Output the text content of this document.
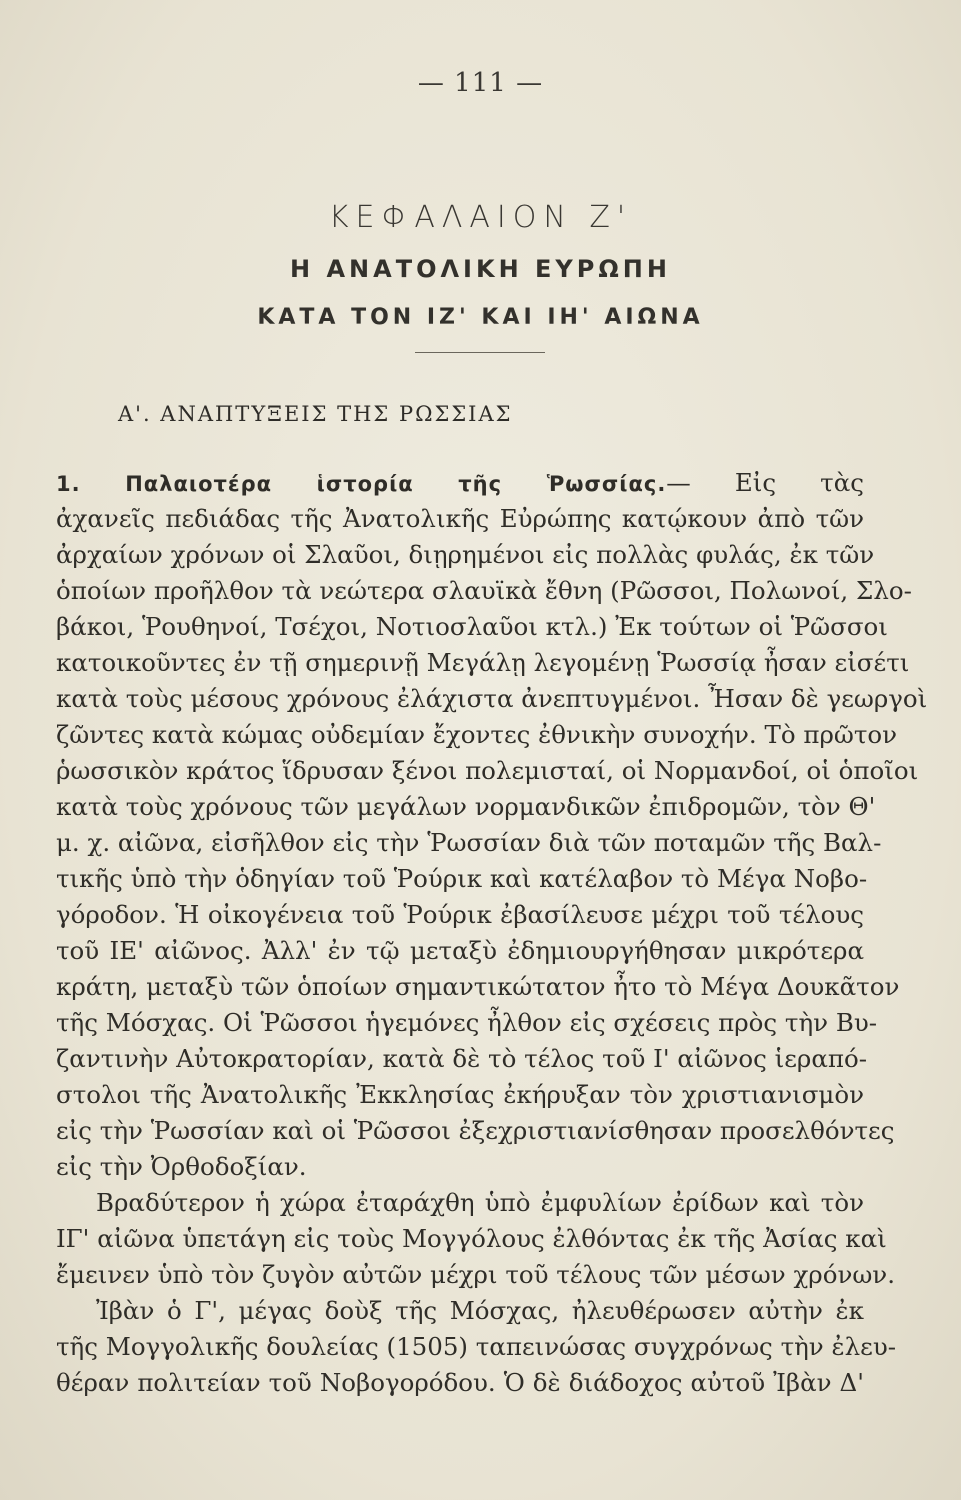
— 111 —
ΚΕΦΑΛΑΙΟΝ Ζ'
Η ΑΝΑΤΟΛΙΚΗ ΕΥΡΩΠΗ
ΚΑΤΑ ΤΟΝ ΙΖ' ΚΑΙ ΙΗ' ΑΙΩΝΑ
Α'. ΑΝΑΠΤΥΞΕΙΣ ΤΗΣ ΡΩΣΣΙΑΣ
1. Παλαιοτέρα ἱστορία τῆς Ῥωσσίας.— Εἰς τὰς
ἀχανεῖς πεδιάδας τῆς Ἀνατολικῆς Εὐρώπης κατῴκουν ἀπὸ τῶν
ἀρχαίων χρόνων οἱ Σλαῦοι, διῃρημένοι εἰς πολλὰς φυλάς, ἐκ τῶν
ὁποίων προῆλθον τὰ νεώτερα σλαυϊκὰ ἔθνη (Ρῶσσοι, Πολωνοί, Σλο-
βάκοι, Ῥουθηνοί, Τσέχοι, Νοτιοσλαῦοι κτλ.) Ἐκ τούτων οἱ Ῥῶσσοι
κατοικοῦντες ἐν τῇ σημερινῇ Μεγάλῃ λεγομένῃ Ῥωσσίᾳ ἦσαν εἰσέτι
κατὰ τοὺς μέσους χρόνους ἐλάχιστα ἀνεπτυγμένοι. Ἦσαν δὲ γεωργοὶ
ζῶντες κατὰ κώμας οὐδεμίαν ἔχοντες ἐθνικὴν συνοχήν. Τὸ πρῶτον
ῥωσσικὸν κράτος ἵδρυσαν ξένοι πολεμισταί, οἱ Νορμανδοί, οἱ ὁποῖοι
κατὰ τοὺς χρόνους τῶν μεγάλων νορμανδικῶν ἐπιδρομῶν, τὸν Θ'
μ. χ. αἰῶνα, εἰσῆλθον εἰς τὴν Ῥωσσίαν διὰ τῶν ποταμῶν τῆς Βαλ-
τικῆς ὑπὸ τὴν ὁδηγίαν τοῦ Ῥούρικ καὶ κατέλαβον τὸ Μέγα Νοβο-
γόροδον. Ἡ οἰκογένεια τοῦ Ῥούρικ ἐβασίλευσε μέχρι τοῦ τέλους
τοῦ ΙΕ' αἰῶνος. Ἀλλ' ἐν τῷ μεταξὺ ἐδημιουργήθησαν μικρότερα
κράτη, μεταξὺ τῶν ὁποίων σημαντικώτατον ἦτο τὸ Μέγα Δουκᾶτον
τῆς Μόσχας. Οἱ Ῥῶσσοι ἡγεμόνες ἦλθον εἰς σχέσεις πρὸς τὴν Βυ-
ζαντινὴν Αὐτοκρατορίαν, κατὰ δὲ τὸ τέλος τοῦ Ι' αἰῶνος ἱεραπό-
στολοι τῆς Ἀνατολικῆς Ἐκκλησίας ἐκήρυξαν τὸν χριστιανισμὸν
εἰς τὴν Ῥωσσίαν καὶ οἱ Ῥῶσσοι ἐξεχριστιανίσθησαν προσελθόντες
εἰς τὴν Ὀρθοδοξίαν.
Βραδύτερον ἡ χώρα ἐταράχθη ὑπὸ ἐμφυλίων ἐρίδων καὶ τὸν
ΙΓ' αἰῶνα ὑπετάγη εἰς τοὺς Μογγόλους ἐλθόντας ἐκ τῆς Ἀσίας καὶ
ἔμεινεν ὑπὸ τὸν ζυγὸν αὐτῶν μέχρι τοῦ τέλους τῶν μέσων χρόνων.
Ἰβὰν ὁ Γ', μέγας δοὺξ τῆς Μόσχας, ἠλευθέρωσεν αὐτὴν ἐκ
τῆς Μογγολικῆς δουλείας (1505) ταπεινώσας συγχρόνως τὴν ἐλευ-
θέραν πολιτείαν τοῦ Νοβογορόδου. Ὁ δὲ διάδοχος αὐτοῦ Ἰβὰν Δ'
